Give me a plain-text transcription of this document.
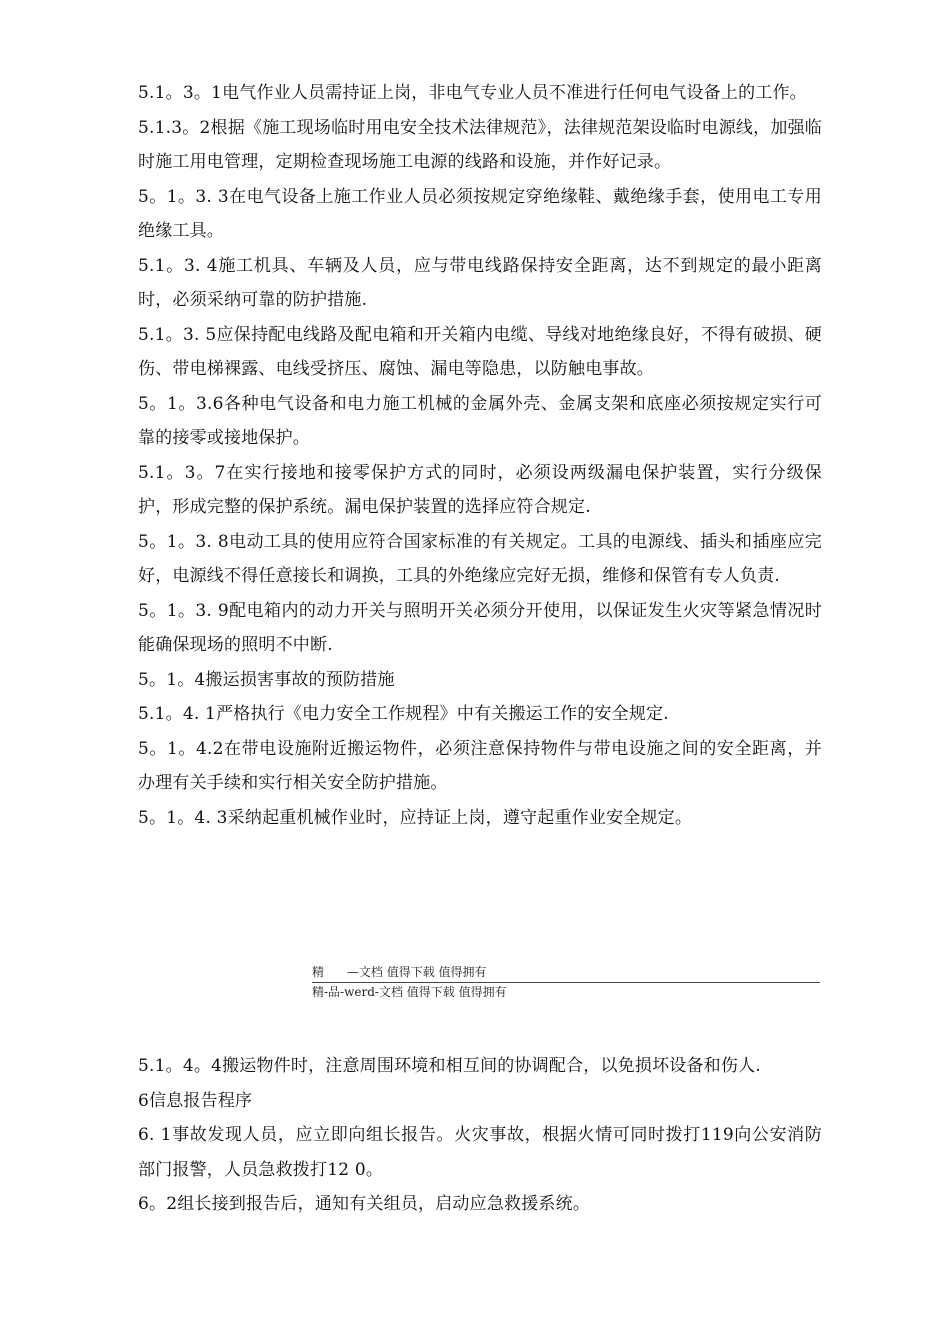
5.1。3。1电气作业人员需持证上岗，非电气专业人员不准进行任何电气设备上的工作。

5.1.3。2根据《施工现场临时用电安全技术法律规范》，法律规范架设临时电源线，加强临时施工用电管理，定期检查现场施工电源的线路和设施，并作好记录。

5。1。3. 3在电气设备上施工作业人员必须按规定穿绝缘鞋、戴绝缘手套，使用电工专用绝缘工具。

5.1。3. 4施工机具、车辆及人员，应与带电线路保持安全距离，达不到规定的最小距离时，必须采纳可靠的防护措施.

5.1。3. 5应保持配电线路及配电箱和开关箱内电缆、导线对地绝缘良好，不得有破损、硬伤、带电梯裸露、电线受挤压、腐蚀、漏电等隐患，以防触电事故。

5。1。3.6各种电气设备和电力施工机械的金属外壳、金属支架和底座必须按规定实行可靠的接零或接地保护。

5.1。3。7在实行接地和接零保护方式的同时，必须设两级漏电保护装置，实行分级保护，形成完整的保护系统。漏电保护装置的选择应符合规定.

5。1。3. 8电动工具的使用应符合国家标准的有关规定。工具的电源线、插头和插座应完好，电源线不得任意接长和调换，工具的外绝缘应完好无损，维修和保管有专人负责.

5。1。3. 9配电箱内的动力开关与照明开关必须分开使用，以保证发生火灾等紧急情况时能确保现场的照明不中断.

5。1。4搬运损害事故的预防措施

5.1。4. 1严格执行《电力安全工作规程》中有关搬运工作的安全规定.

5。1。4.2在带电设施附近搬运物件，必须注意保持物件与带电设施之间的安全距离，并办理有关手续和实行相关安全防护措施。

5。1。4. 3采纳起重机械作业时，应持证上岗，遵守起重作业安全规定。

精      —文档 值得下载 值得拥有
精-品-werd-文档 值得下载 值得拥有

5.1。4。4搬运物件时，注意周围环境和相互间的协调配合，以免损坏设备和伤人.

6信息报告程序

6. 1事故发现人员，应立即向组长报告。火灾事故，根据火情可同时拨打119向公安消防部门报警，人员急救拨打12 0。

6。2组长接到报告后，通知有关组员，启动应急救援系统。
